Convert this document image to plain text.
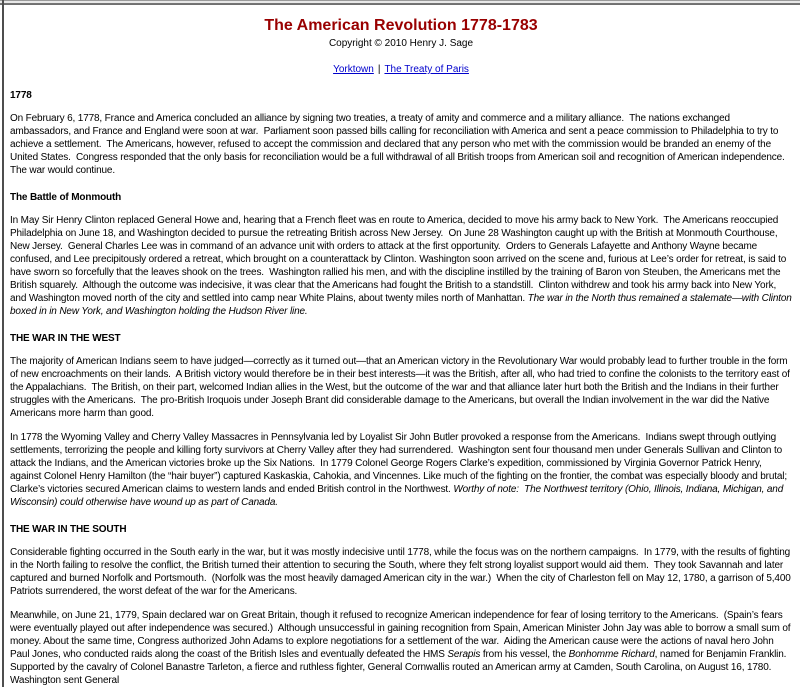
The American Revolution 1778-1783
Copyright © 2010 Henry J. Sage
Yorktown | The Treaty of Paris
1778

On February 6, 1778, France and America concluded an alliance by signing two treaties, a treaty of amity and commerce and a military alliance.  The nations exchanged ambassadors, and France and England were soon at war.  Parliament soon passed bills calling for reconciliation with America and sent a peace commission to Philadelphia to try to achieve a settlement.  The Americans, however, refused to accept the commission and declared that any person who met with the commission would be branded an enemy of the United States.  Congress responded that the only basis for reconciliation would be a full withdrawal of all British troops from American soil and recognition of American independence.  The war would continue.

The Battle of Monmouth

In May Sir Henry Clinton replaced General Howe and, hearing that a French fleet was en route to America, decided to move his army back to New York.  The Americans reoccupied Philadelphia on June 18, and Washington decided to pursue the retreating British across New Jersey.  On June 28 Washington caught up with the British at Monmouth Courthouse, New Jersey.  General Charles Lee was in command of an advance unit with orders to attack at the first opportunity.  Orders to Generals Lafayette and Anthony Wayne became confused, and Lee precipitously ordered a retreat, which brought on a counterattack by Clinton. Washington soon arrived on the scene and, furious at Lee’s order for retreat, is said to have sworn so forcefully that the leaves shook on the trees.  Washington rallied his men, and with the discipline instilled by the training of Baron von Steuben, the Americans met the British squarely.  Although the outcome was indecisive, it was clear that the Americans had fought the British to a standstill.  Clinton withdrew and took his army back into New York, and Washington moved north of the city and settled into camp near White Plains, about twenty miles north of Manhattan. The war in the North thus remained a stalemate—with Clinton boxed in in New York, and Washington holding the Hudson River line.

THE WAR IN THE WEST

The majority of American Indians seem to have judged—correctly as it turned out—that an American victory in the Revolutionary War would probably lead to further trouble in the form of new encroachments on their lands.  A British victory would therefore be in their best interests—it was the British, after all, who had tried to confine the colonists to the territory east of the Appalachians.  The British, on their part, welcomed Indian allies in the West, but the outcome of the war and that alliance later hurt both the British and the Indians in their further struggles with the Americans.  The pro-British Iroquois under Joseph Brant did considerable damage to the Americans, but overall the Indian involvement in the war did the Native Americans more harm than good.

In 1778 the Wyoming Valley and Cherry Valley Massacres in Pennsylvania led by Loyalist Sir John Butler provoked a response from the Americans.  Indians swept through outlying settlements, terrorizing the people and killing forty survivors at Cherry Valley after they had surrendered.  Washington sent four thousand men under Generals Sullivan and Clinton to attack the Indians, and the American victories broke up the Six Nations.  In 1779 Colonel George Rogers Clarke’s expedition, commissioned by Virginia Governor Patrick Henry, against Colonel Henry Hamilton (the “hair buyer”) captured Kaskaskia, Cahokia, and Vincennes. Like much of the fighting on the frontier, the combat was especially bloody and brutal; Clarke’s victories secured American claims to western lands and ended British control in the Northwest. Worthy of note:  The Northwest territory (Ohio, Illinois, Indiana, Michigan, and Wisconsin) could otherwise have wound up as part of Canada.

THE WAR IN THE SOUTH

Considerable fighting occurred in the South early in the war, but it was mostly indecisive until 1778, while the focus was on the northern campaigns.  In 1779, with the results of fighting in the North failing to resolve the conflict, the British turned their attention to securing the South, where they felt strong loyalist support would aid them.  They took Savannah and later captured and burned Norfolk and Portsmouth.  (Norfolk was the most heavily damaged American city in the war.)  When the city of Charleston fell on May 12, 1780, a garrison of 5,400 Patriots surrendered, the worst defeat of the war for the Americans.

Meanwhile, on June 21, 1779, Spain declared war on Great Britain, though it refused to recognize American independence for fear of losing territory to the Americans.  (Spain’s fears were eventually played out after independence was secured.)  Although unsuccessful in gaining recognition from Spain, American Minister John Jay was able to borrow a small sum of money. About the same time, Congress authorized John Adams to explore negotiations for a settlement of the war.  Aiding the American cause were the actions of naval hero John Paul Jones, who conducted raids along the coast of the British Isles and eventually defeated the HMS Serapis from his vessel, the Bonhomme Richard, named for Benjamin Franklin. Supported by the cavalry of Colonel Banastre Tarleton, a fierce and ruthless fighter, General Cornwallis routed an American army at Camden, South Carolina, on August 16, 1780.  Washington sent General
